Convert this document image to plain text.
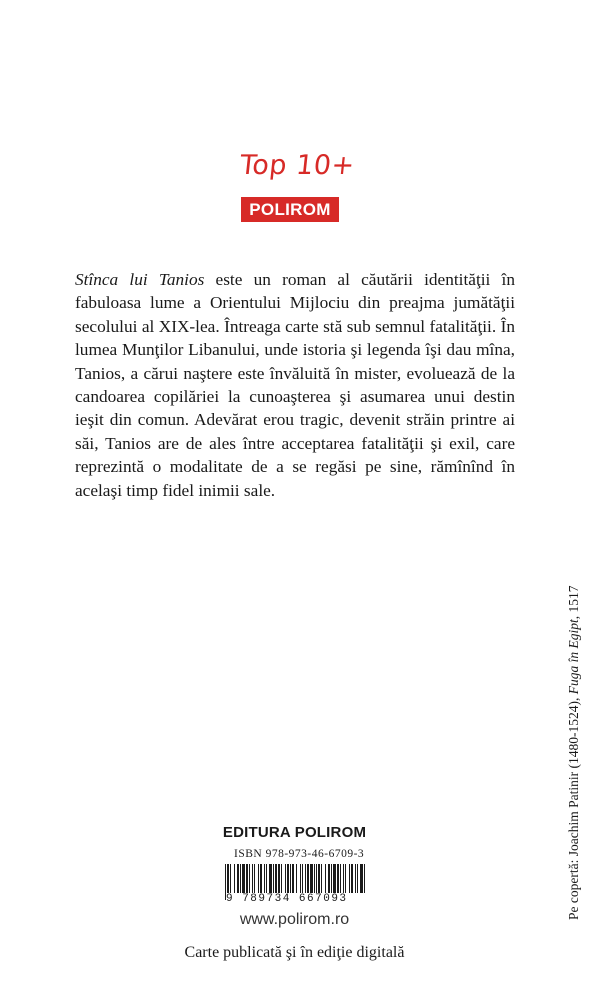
Top 10+
POLIROM

Stînca lui Tanios este un roman al căutării identităţii în fabuloasa lume a Orientului Mijlociu din preajma jumătăţii secolului al XIX-lea. Întreaga carte stă sub semnul fatalităţii. În lumea Munţilor Libanului, unde istoria şi legenda îşi dau mîna, Tanios, a cărui naştere este învăluită în mister, evoluează de la candoarea copilăriei la cunoaşterea şi asumarea unui destin ieşit din comun. Adevărat erou tragic, devenit străin printre ai săi, Tanios are de ales între acceptarea fatalităţii şi exil, care reprezintă o modalitate de a se regăsi pe sine, rămînînd în acelaşi timp fidel inimii sale.

Pe copertă: Joachim Patinir (1480-1524), Fuga în Egipt, 1517
EDITURA POLIROM
ISBN 978-973-46-6709-3
9 789734 667093
www.polirom.ro
Carte publicată şi în ediţie digitală
